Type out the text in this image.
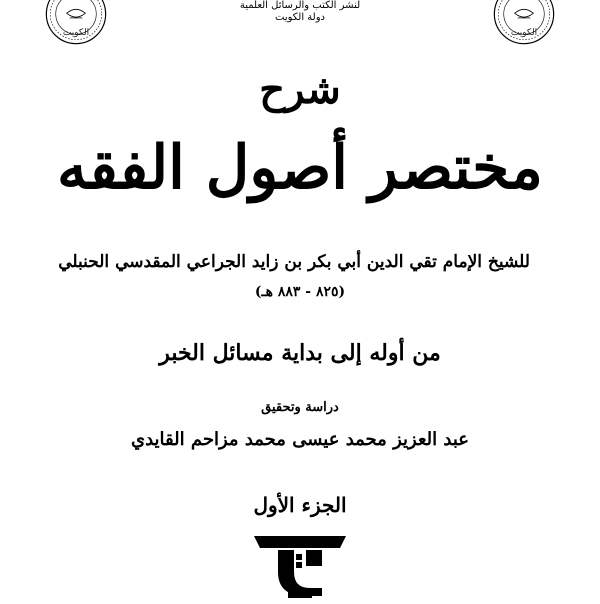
الكويت
لنشر الكتب والرسائل العلمية
دولة الكويت
الكويت
شرح
مختصر أصول الفقه
للشيخ الإمام تقي الدين أبي بكر بن زايد الجراعي المقدسي الحنبلي
(٨٢٥ - ٨٨٣ هـ)
من أوله إلى بداية مسائل الخبر
دراسة وتحقيق
عبد العزيز محمد عيسى محمد مزاحم القايدي
الجزء الأول
